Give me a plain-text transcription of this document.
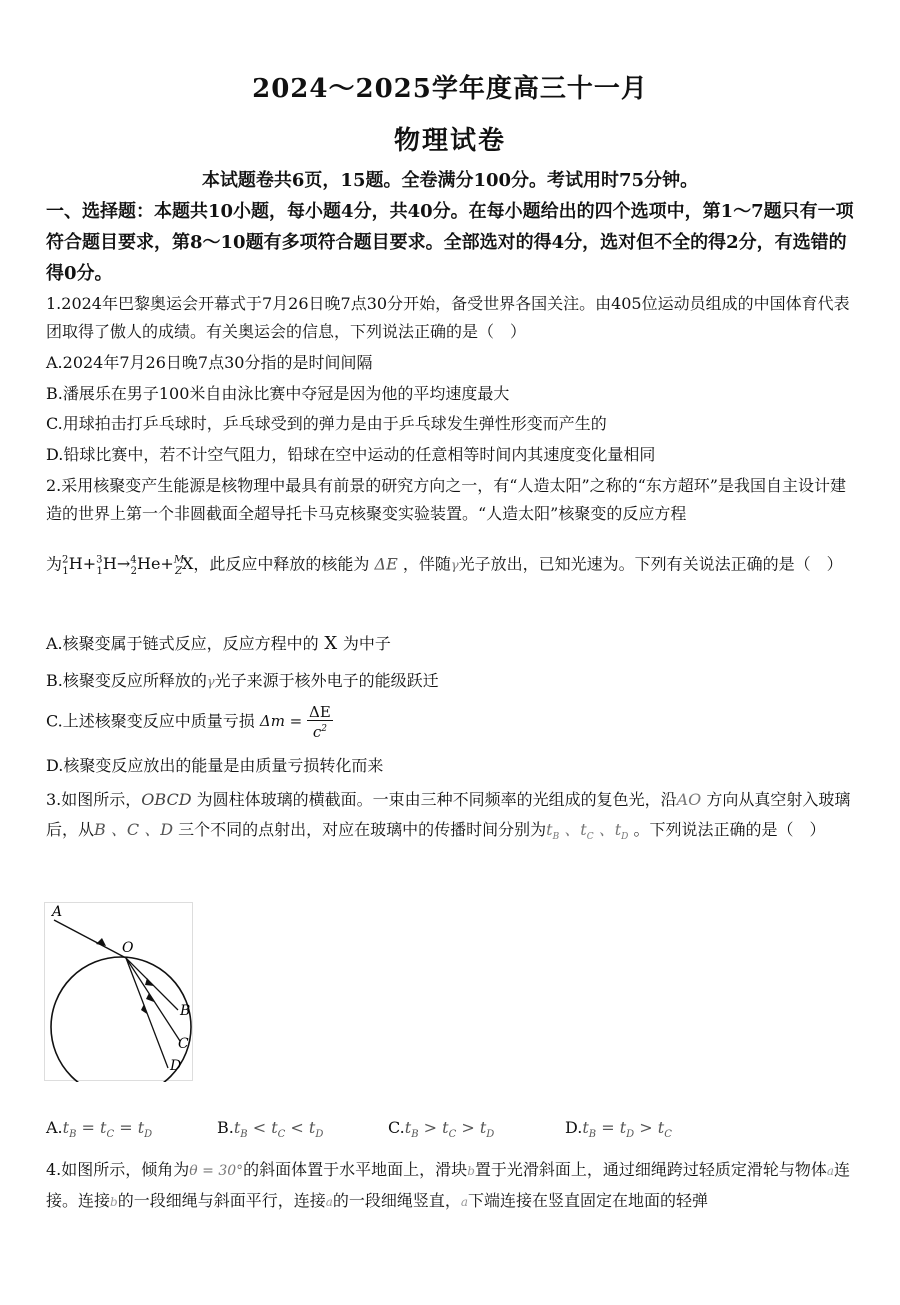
2024～2025学年度高三十一月
物理试卷
本试题卷共6页，15题。全卷满分100分。考试用时75分钟。
一、选择题：本题共10小题，每小题4分，共40分。在每小题给出的四个选项中，第1～7题只有一项符合题目要求，第8～10题有多项符合题目要求。全部选对的得4分，选对但不全的得2分，有选错的得0分。
1.2024年巴黎奥运会开幕式于7月26日晚7点30分开始，备受世界各国关注。由405位运动员组成的中国体育代表团取得了傲人的成绩。有关奥运会的信息，下列说法正确的是（　）
A.2024年7月26日晚7点30分指的是时间间隔
B.潘展乐在男子100米自由泳比赛中夺冠是因为他的平均速度最大
C.用球拍击打乒乓球时，乒乓球受到的弹力是由于乒乓球发生弹性形变而产生的
D.铅球比赛中，若不计空气阻力，铅球在空中运动的任意相等时间内其速度变化量相同
2.采用核聚变产生能源是核物理中最具有前景的研究方向之一，有“人造太阳”之称的“东方超环”是我国自主设计建造的世界上第一个非圆截面全超导托卡马克核聚变实验装置。“人造太阳”核聚变的反应方程
为$^2_1$H+$^3_1$H→$^4_2$He+$^M_Z$X，此反应中释放的核能为 ΔE ，伴随γ光子放出，已知光速为。下列有关说法正确的是（　）
A.核聚变属于链式反应，反应方程中的 X 为中子
B.核聚变反应所释放的γ光子来源于核外电子的能级跃迁
C.上述核聚变反应中质量亏损 $\Delta m = \frac{\Delta E}{c^2}$
D.核聚变反应放出的能量是由质量亏损转化而来
3.如图所示，OBCD 为圆柱体玻璃的横截面。一束由三种不同频率的光组成的复色光，沿AO 方向从真空射入玻璃后，从B 、C 、D 三个不同的点射出，对应在玻璃中的传播时间分别为$t_B$ 、$t_C$ 、$t_D$ 。下列说法正确的是（　）
A
O
B
C
D
$A.t_B = t_C = t_D$	$B.t_B < t_C < t_D$	$C.t_B > t_C > t_D$	$D.t_B = t_D > t_C$
4.如图所示，倾角为θ = 30°的斜面体置于水平地面上，滑块b置于光滑斜面上，通过细绳跨过轻质定滑轮与物体a连接。连接b的一段细绳与斜面平行，连接a的一段细绳竖直，a下端连接在竖直固定在地面的轻弹
